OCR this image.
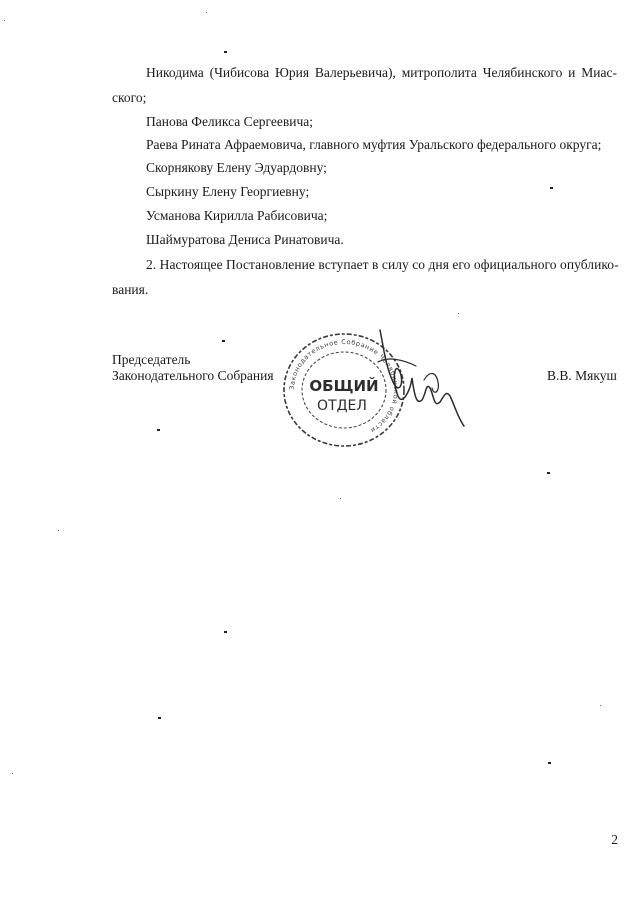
Никодима (Чибисова Юрия Валерьевича), митрополита Челябинского и Миас-
ского;
Панова Феликса Сергеевича;
Раева Рината Афраемовича, главного муфтия Уральского федерального округа;
Скорнякову Елену Эдуардовну;
Сыркину Елену Георгиевну;
Усманова Кирилла Рабисовича;
Шаймуратова Дениса Ринатовича.
2. Настоящее Постановление вступает в силу со дня его официального опублико-
вания.
Председатель
Законодательного Собрания	В.В. Мякуш
Законодательное Собрание Челябинской области
ОБЩИЙ
ОТДЕЛ
2
